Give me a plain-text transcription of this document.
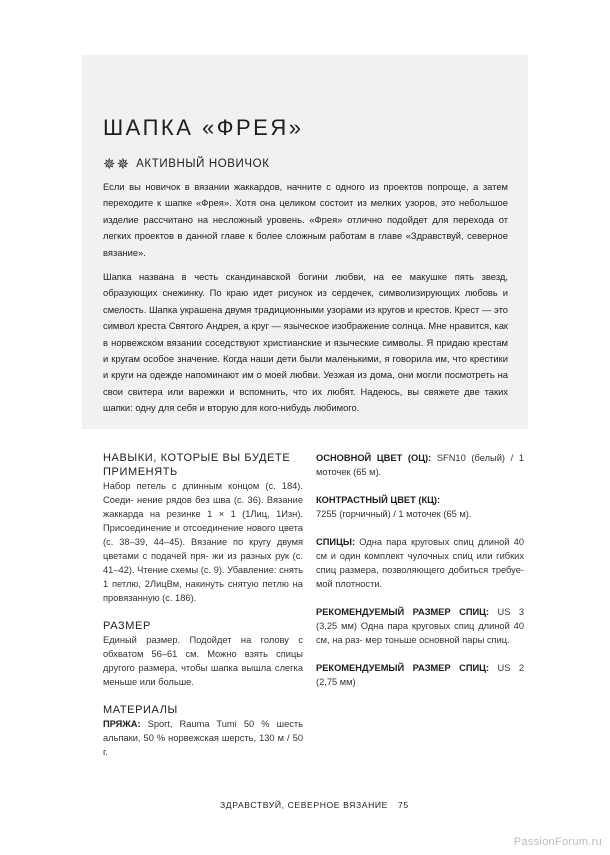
ШАПКА «ФРЕЯ»
✵✵ АКТИВНЫЙ НОВИЧОК
Если вы новичок в вязании жаккардов, начните с одного из проектов попроще, а затем переходите к шапке «Фрея». Хотя она целиком состоит из мелких узоров, это небольшое изделие рассчитано на несложный уровень. «Фрея» отлично подойдет для перехода от легких проектов в данной главе к более сложным работам в главе «Здравствуй, северное вязание».
Шапка названа в честь скандинавской богини любви, на ее макушке пять звезд, образующих снежинку. По краю идет рисунок из сердечек, символизирующих любовь и смелость. Шапка украшена двумя традиционными узорами из кругов и крестов. Крест — это символ креста Святого Андрея, а круг — языческое изображение солнца. Мне нравится, как в норвежском вязании соседствуют христианские и языческие символы. Я придаю крестам и кругам особое значение. Когда наши дети были маленькими, я говорила им, что крестики и круги на одежде напоминают им о моей любви. Уезжая из дома, они могли посмотреть на свои свитера или варежки и вспомнить, что их любят. Надеюсь, вы свяжете две таких шапки: одну для себя и вторую для кого-нибудь любимого.
НАВЫКИ, КОТОРЫЕ ВЫ БУДЕТЕ
ПРИМЕНЯТЬ
Набор петель с длинным концом (с. 184). Соеди- нение рядов без шва (с. 36). Вязание жаккарда на резинке 1 × 1 (1Лиц, 1Изн). Присоединение и отсоединение нового цвета (с. 38–39, 44–45). Вязание по кругу двумя цветами с подачей пря- жи из разных рук (с. 41–42). Чтение схемы (с. 9). Убавление: снять 1 петлю, 2ЛицВм, накинуть снятую петлю на провязанную (с. 186).
РАЗМЕР
Единый размер. Подойдет на голову с обхватом 56–61 см. Можно взять спицы другого размера, чтобы шапка вышла слегка меньше или больше.
МАТЕРИАЛЫ
ПРЯЖА: Sport, Rauma Tumi 50 % шесть альпаки, 50 % норвежская шерсть, 130 м / 50 г.
ОСНОВНОЙ ЦВЕТ (ОЦ): SFN10 (белый) / 1 моточек (65 м).
КОНТРАСТНЫЙ ЦВЕТ (КЦ):
7255 (горчичный) / 1 моточек (65 м).
СПИЦЫ: Одна пара круговых спиц длиной 40 см и один комплект чулочных спиц или гибких спиц размера, позволяющего добиться требуе- мой плотности.
РЕКОМЕНДУЕМЫЙ РАЗМЕР СПИЦ: US 3 (3,25 мм) Одна пара круговых спиц длиной 40 см, на раз- мер тоньше основной пары спиц.
РЕКОМЕНДУЕМЫЙ РАЗМЕР СПИЦ: US 2 (2,75 мм)
ЗДРАВСТВУЙ, СЕВЕРНОЕ ВЯЗАНИЕ 75
PassionForum.ru
